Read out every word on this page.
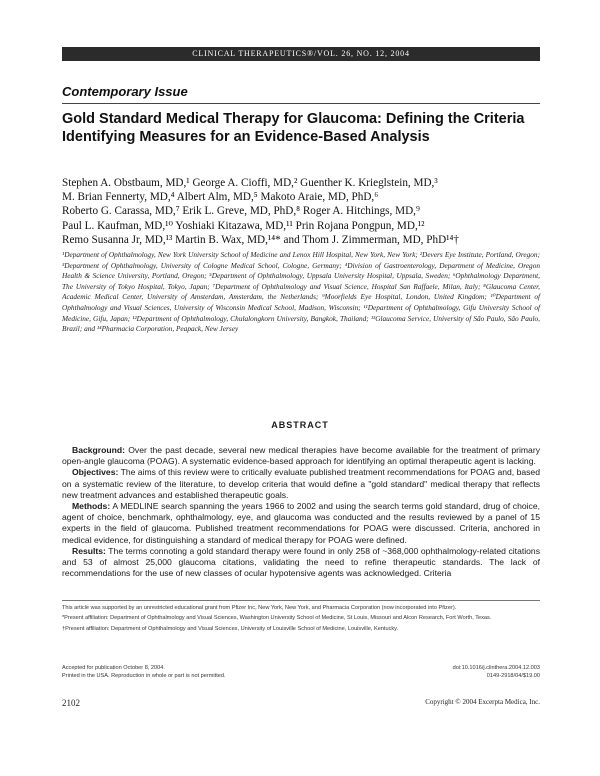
CLINICAL THERAPEUTICS®/VOL. 26, NO. 12, 2004
Contemporary Issue
Gold Standard Medical Therapy for Glaucoma: Defining the Criteria Identifying Measures for an Evidence-Based Analysis
Stephen A. Obstbaum, MD,¹ George A. Cioffi, MD,² Guenther K. Krieglstein, MD,³
M. Brian Fennerty, MD,⁴ Albert Alm, MD,⁵ Makoto Araie, MD, PhD,⁶
Roberto G. Carassa, MD,⁷ Erik L. Greve, MD, PhD,⁸ Roger A. Hitchings, MD,⁹
Paul L. Kaufman, MD,¹⁰ Yoshiaki Kitazawa, MD,¹¹ Prin Rojana Pongpun, MD,¹²
Remo Susanna Jr, MD,¹³ Martin B. Wax, MD,¹⁴* and Thom J. Zimmerman, MD, PhD¹⁴†
¹Department of Ophthalmology, New York University School of Medicine and Lenox Hill Hospital, New York, New York; ²Devers Eye Institute, Portland, Oregon; ³Department of Ophthalmology, University of Cologne Medical School, Cologne, Germany; ⁴Division of Gastroenterology, Department of Medicine, Oregon Health & Science University, Portland, Oregon; ⁵Department of Ophthalmology, Uppsala University Hospital, Uppsala, Sweden; ⁶Ophthalmology Department, The University of Tokyo Hospital, Tokyo, Japan; ⁷Department of Ophthalmology and Visual Science, Hospital San Raffaele, Milan, Italy; ⁸Glaucoma Center, Academic Medical Center, University of Amsterdam, Amsterdam, the Netherlands; ⁹Moorfields Eye Hospital, London, United Kingdom; ¹⁰Department of Ophthalmology and Visual Sciences, University of Wisconsin Medical School, Madison, Wisconsin; ¹¹Department of Ophthalmology, Gifu University School of Medicine, Gifu, Japan; ¹²Department of Ophthalmology, Chulalongkorn University, Bangkok, Thailand; ¹³Glaucoma Service, University of São Paulo, São Paulo, Brazil; and ¹⁴Pharmacia Corporation, Peapack, New Jersey
ABSTRACT

Background: Over the past decade, several new medical therapies have become available for the treatment of primary open-angle glaucoma (POAG). A systematic evidence-based approach for identifying an optimal therapeutic agent is lacking.

Objectives: The aims of this review were to critically evaluate published treatment recommendations for POAG and, based on a systematic review of the literature, to develop criteria that would define a "gold standard" medical therapy that reflects new treatment advances and established therapeutic goals.

Methods: A MEDLINE search spanning the years 1966 to 2002 and using the search terms gold standard, drug of choice, agent of choice, benchmark, ophthalmology, eye, and glaucoma was conducted and the results reviewed by a panel of 15 experts in the field of glaucoma. Published treatment recommendations for POAG were discussed. Criteria, anchored in medical evidence, for distinguishing a standard of medical therapy for POAG were defined.

Results: The terms connoting a gold standard therapy were found in only 258 of ~368,000 ophthalmology-related citations and 53 of almost 25,000 glaucoma citations, validating the need to refine therapeutic standards. The lack of recommendations for the use of new classes of ocular hypotensive agents was acknowledged. Criteria

This article was supported by an unrestricted educational grant from Pfizer Inc, New York, New York, and Pharmacia Corporation (now incorporated into Pfizer).

*Present affiliation: Department of Ophthalmology and Visual Sciences, Washington University School of Medicine, St Louis, Missouri and Alcon Research, Fort Worth, Texas.

†Present affiliation: Department of Ophthalmology and Visual Sciences, University of Louisville School of Medicine, Louisville, Kentucky.

Accepted for publication October 8, 2004.
Printed in the USA. Reproduction in whole or part is not permitted.
doi:10.1016/j.clinthera.2004.12.003
0149-2918/04/$19.00
2102	Copyright © 2004 Excerpta Medica, Inc.
